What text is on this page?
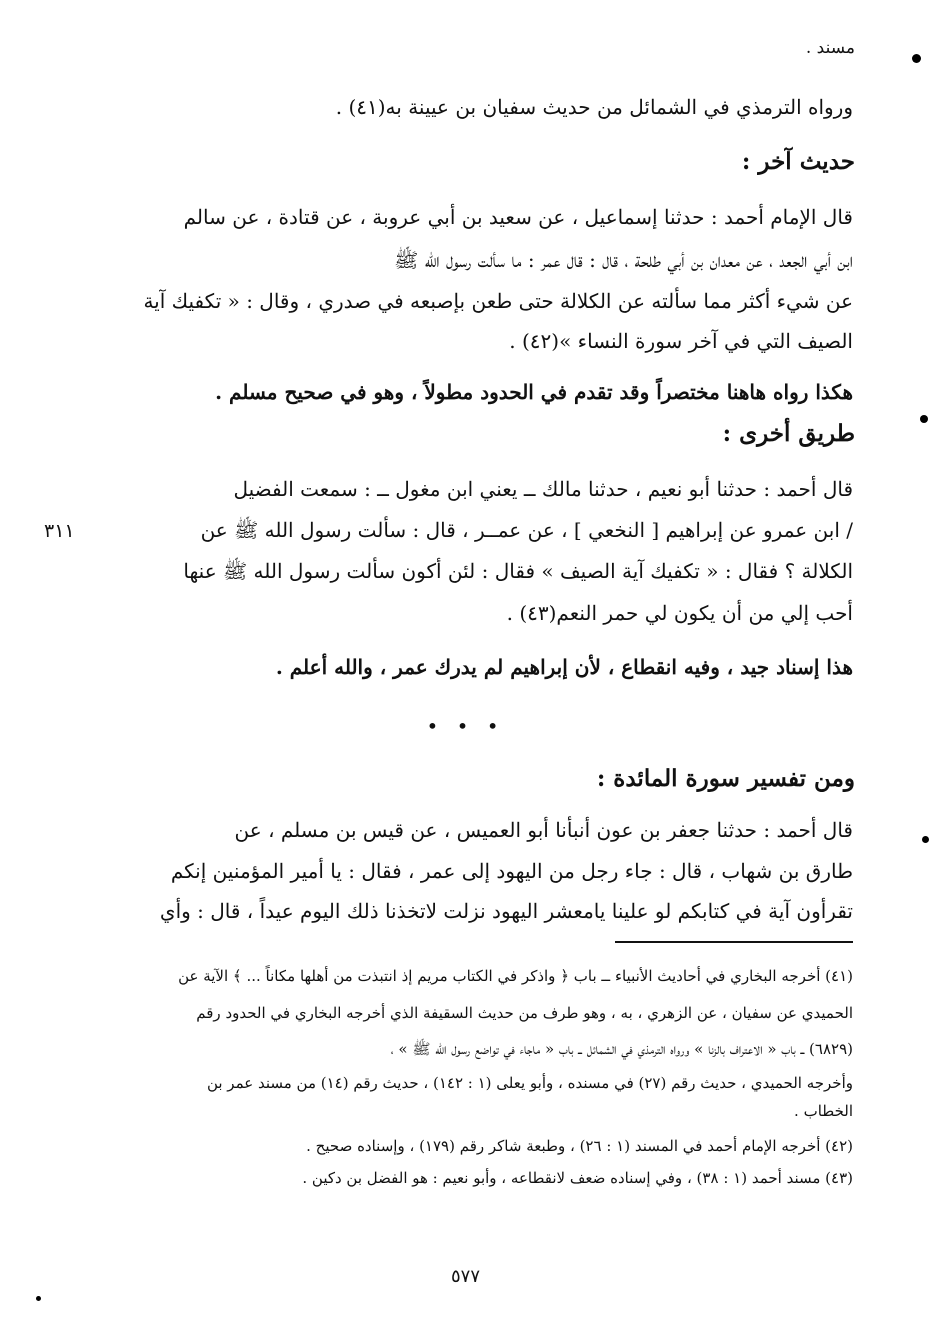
مسند .
ورواه الترمذي في الشمائل من حديث سفيان بن عيينة به(٤١) .
حديث آخر :
قال الإمام أحمد : حدثنا إسماعيل ، عن سعيد بن أبي عروبة ، عن قتادة ، عن سالم
ابن أبي الجعد ، عن معدان بن أبي طلحة ، قال : قال عمر : ما سألت رسول الله ﷺ
عن شيء أكثر مما سألته عن الكلالة حتى طعن بإصبعه في صدري ، وقال : « تكفيك آية
الصيف التي في آخر سورة النساء »(٤٢) .
هكذا رواه هاهنا مختصراً وقد تقدم في الحدود مطولاً ، وهو في صحيح مسلم .
طريق أخرى :
قال أحمد : حدثنا أبو نعيم ، حدثنا مالك ــ يعني ابن مغول ــ : سمعت الفضيل
/ ابن عمرو عن إبراهيم [ النخعي ] ، عن عمــر ، قال : سألت رسول الله ﷺ عن
الكلالة ؟ فقال : « تكفيك آية الصيف » فقال : لئن أكون سألت رسول الله ﷺ عنها
أحب إلي من أن يكون لي حمر النعم(٤٣) .
هذا إسناد جيد ، وفيه انقطاع ، لأن إبراهيم لم يدرك عمر ، والله أعلم .
٣١١
• • •
ومن تفسير سورة المائدة :
قال أحمد : حدثنا جعفر بن عون أنبأنا أبو العميس ، عن قيس بن مسلم ، عن
طارق بن شهاب ، قال : جاء رجل من اليهود إلى عمر ، فقال : يا أمير المؤمنين إنكم
تقرأون آية في كتابكم لو علينا يامعشر اليهود نزلت لاتخذنا ذلك اليوم عيداً ، قال : وأي
(٤١) أخرجه البخاري في أحاديث الأنبياء ــ باب ﴿ واذكر في الكتاب مريم إذ انتبذت من أهلها مكاناً ... ﴾ الآية عن
الحميدي عن سفيان ، عن الزهري ، به ، وهو طرف من حديث السقيفة الذي أخرجه البخاري في الحدود رقم
(٦٨٢٩) ــ باب « الاعتراف بالزنا » ورواه الترمذي في الشمائل ــ باب « ماجاء في تواضع رسول الله ﷺ » ،
وأخرجه الحميدي ، حديث رقم (٢٧) في مسنده ، وأبو يعلى (١ : ١٤٢) ، حديث رقم (١٤) من مسند عمر بن
الخطاب .
(٤٢) أخرجه الإمام أحمد في المسند (١ : ٢٦) ، وطبعة شاكر رقم (١٧٩) ، وإسناده صحيح .
(٤٣) مسند أحمد (١ : ٣٨) ، وفي إسناده ضعف لانقطاعه ، وأبو نعيم : هو الفضل بن دكين .
٥٧٧
